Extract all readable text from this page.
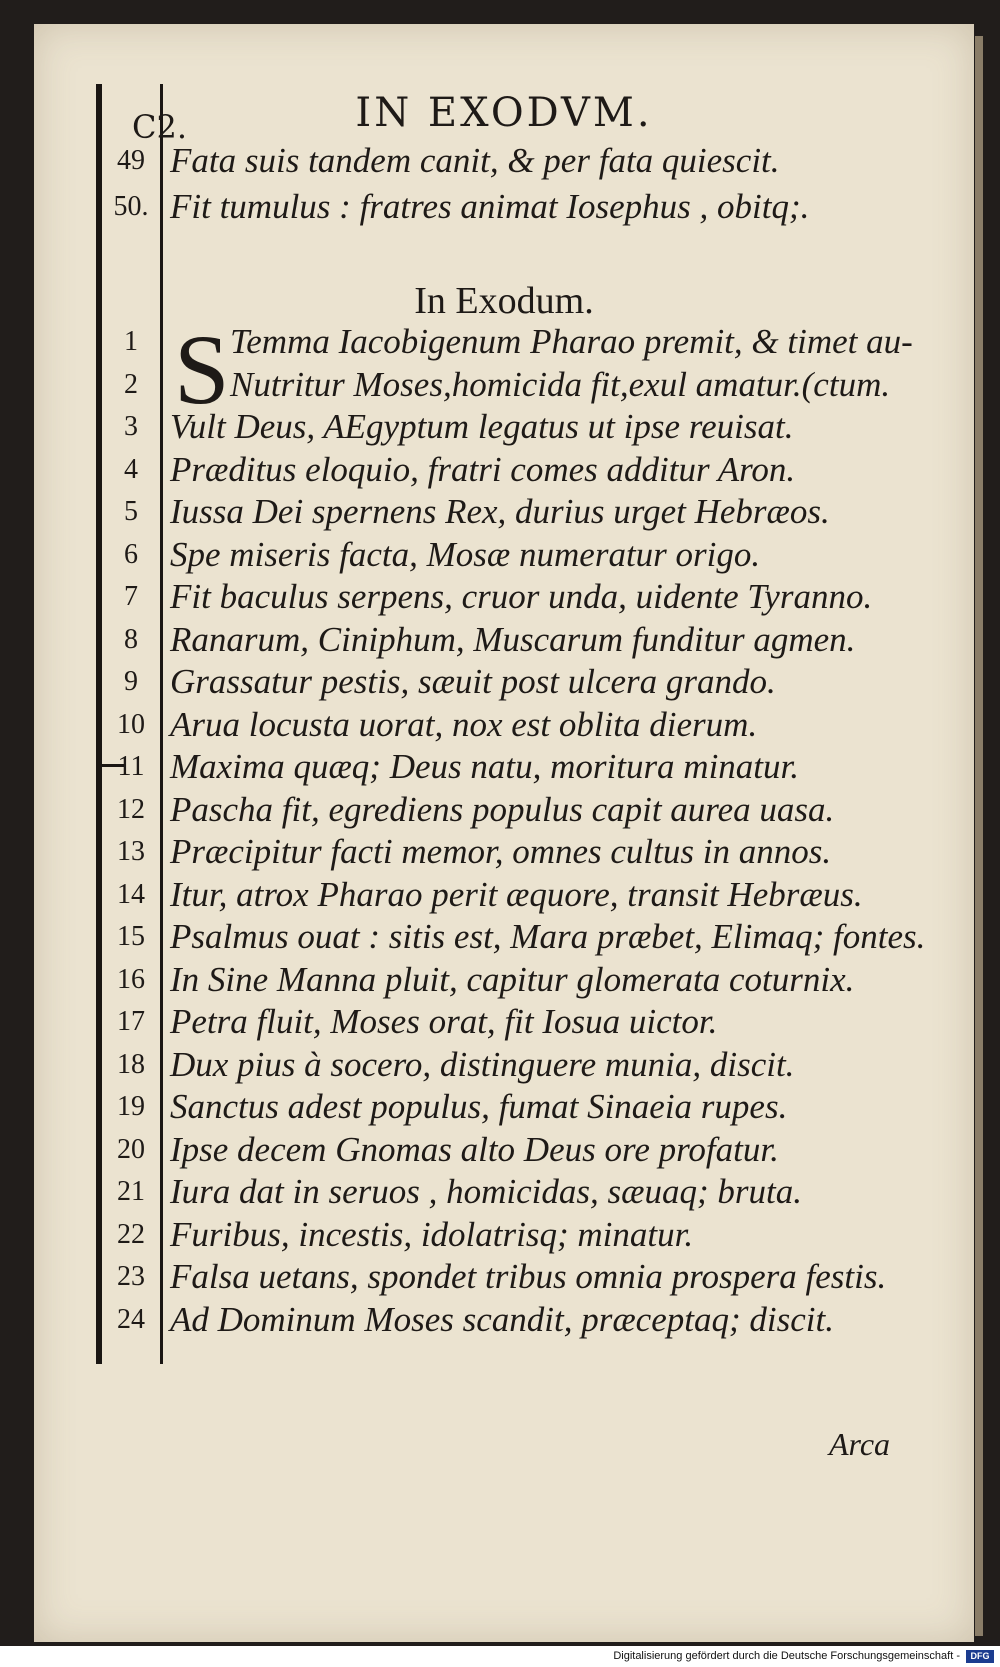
C2.	IN EXODVM.
49 Fata suis tandem canit, & per fata quiescit.
50. Fit tumulus : fratres animat Iosephus , obitq;.
In Exodum.
S
1	Temma Iacobigenum Pharao premit, & timet au-
2	Nutritur Moses,homicida fit,exul amatur.(ctum.
3 Vult Deus, AEgyptum legatus ut ipse reuisat.
4 Prӕditus eloquio, fratri comes additur Aron.
5 Iussa Dei spernens Rex, durius urget Hebrӕos.
6 Spe miseris facta, Mosӕ numeratur origo.
7 Fit baculus serpens, cruor unda, uidente Tyranno.
8 Ranarum, Ciniphum, Muscarum funditur agmen.
9 Grassatur pestis, sӕuit post ulcera grando.
10 Arua locusta uorat, nox est oblita dierum.
11 Maxima quӕq; Deus natu, moritura minatur.
12 Pascha fit, egrediens populus capit aurea uasa.
13 Prӕcipitur facti memor, omnes cultus in annos.
14 Itur, atrox Pharao perit ӕquore, transit Hebrӕus.
15 Psalmus ouat : sitis est, Mara prӕbet, Elimaq; fontes.
16 In Sine Manna pluit, capitur glomerata coturnix.
17 Petra fluit, Moses orat, fit Iosua uictor.
18 Dux pius à socero, distinguere munia, discit.
19 Sanctus adest populus, fumat Sinaeia rupes.
20 Ipse decem Gnomas alto Deus ore profatur.
21 Iura dat in seruos , homicidas, sӕuaq; bruta.
22 Furibus, incestis, idolatrisq; minatur.
23 Falsa uetans, spondet tribus omnia prospera festis.
24 Ad Dominum Moses scandit, prӕceptaq; discit.
Arca
Digitalisierung gefördert durch die Deutsche Forschungsgemeinschaft -	DFG
